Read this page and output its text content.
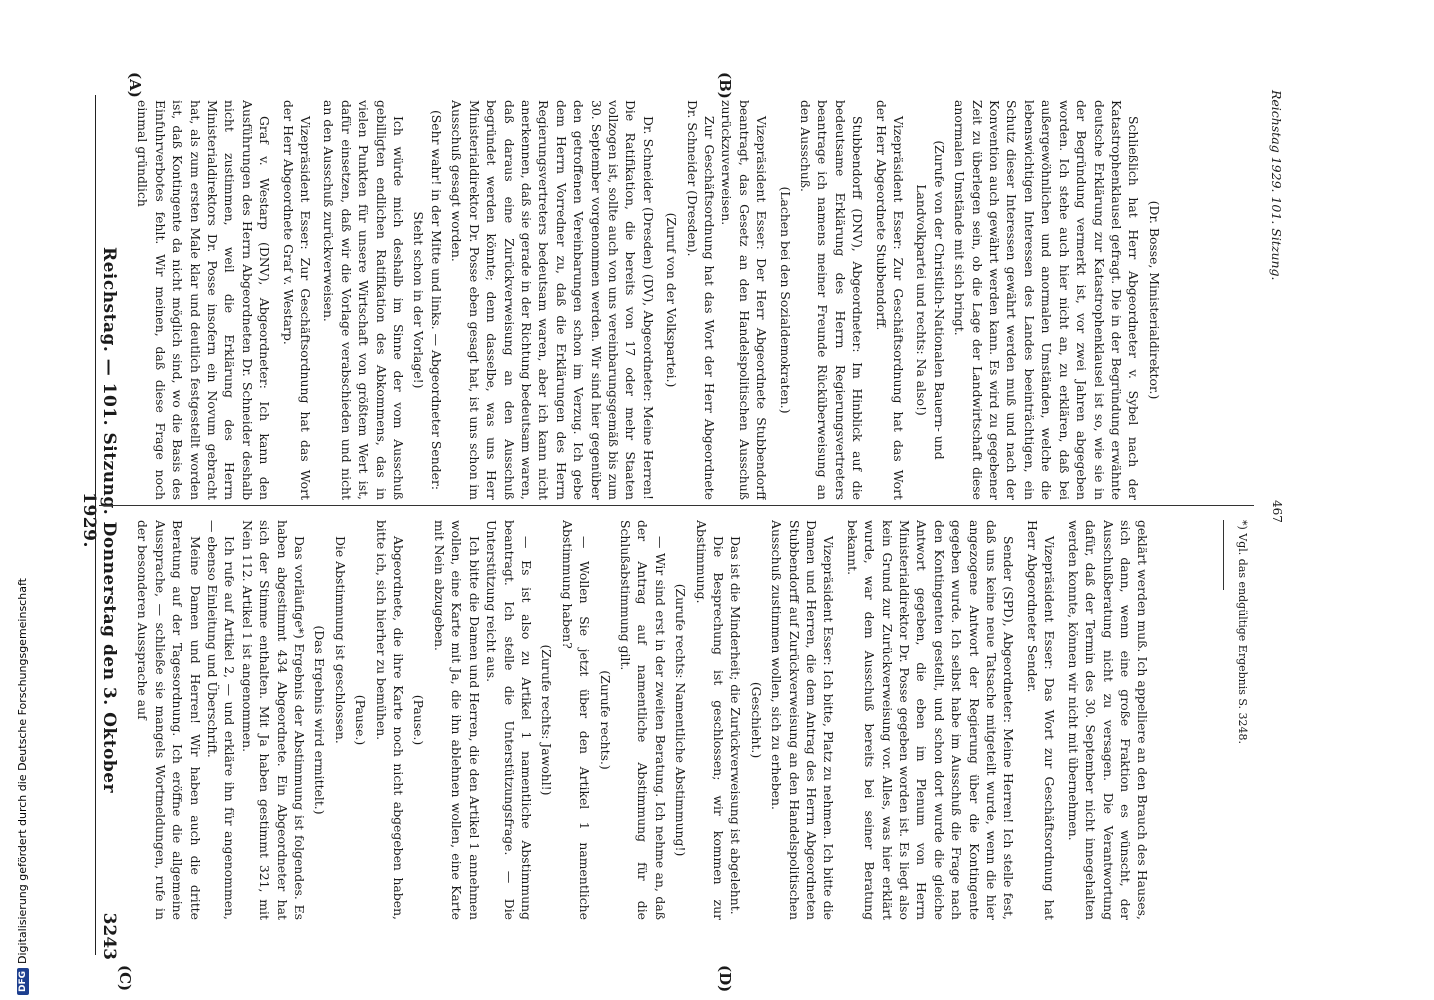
DFG
Digitalisierung gefördert durch die Deutsche Forschungsgemeinschaft	Reichstag. — 101. Sitzung. Donnerstag den 3. Oktober 1929.
3243
(A)	(B)
(C)	(D)

(Dr. Bosse, Ministerialdirektor.)

Schließlich hat Herr Abgeordneter v. Sybel nach der Katastrophenklausel gefragt. Die in der Begründung erwähnte deutsche Erklärung zur Katastrophenklausel ist so, wie sie in der Begründung vermerkt ist, vor zwei Jahren abgegeben worden. Ich stehe auch hier nicht an, zu erklären, daß bei außergewöhnlichen und anormalen Umständen, welche die lebenswichtigen Interessen des Landes beeinträchtigen, ein Schutz dieser Interessen gewährt werden muß und nach der Konvention auch gewährt werden kann. Es wird zu gegebener Zeit zu überlegen sein, ob die Lage der Landwirtschaft diese anormalen Umstände mit sich bringt.

(Zurufe von der Christlich-Nationalen Bauern- und Landvolkpartei und rechts: Na also!)

Vizepräsident Esser: Zur Geschäftsordnung hat das Wort der Herr Abgeordnete Stubbendorff.

Stubbendorff (DNV), Abgeordneter: Im Hinblick auf die bedeutsame Erklärung des Herrn Regierungsvertreters beantrage ich namens meiner Freunde Rücküberweisung an den Ausschuß.

(Lachen bei den Sozialdemokraten.)

Vizepräsident Esser: Der Herr Abgeordnete Stubbendorff beantragt, das Gesetz an den Handelspolitischen Ausschuß zurückzuverweisen.

Zur Geschäftsordnung hat das Wort der Herr Abgeordnete Dr. Schneider (Dresden).

(Zuruf von der Volkspartei.)

Dr. Schneider (Dresden) (DV), Abgeordneter: Meine Herren! Die Ratifikation, die bereits von 17 oder mehr Staaten vollzogen ist, sollte auch von uns vereinbarungsgemäß bis zum 30. September vorgenommen werden. Wir sind hier gegenüber den getroffenen Vereinbarungen schon im Verzug. Ich gebe dem Herrn Vorredner zu, daß die Erklärungen des Herrn Regierungsvertreters bedeutsam waren, aber ich kann nicht anerkennen, daß sie gerade in der Richtung bedeutsam waren, daß daraus eine Zurückverweisung an den Ausschuß begründet werden könnte; denn dasselbe, was uns Herr Ministerialdirektor Dr. Posse eben gesagt hat, ist uns schon im Ausschuß gesagt worden.

(Sehr wahr! in der Mitte und links. — Abgeordneter Sender: Steht schon in der Vorlage!)

Ich würde mich deshalb im Sinne der vom Ausschuß gebilligten endlichen Ratifikation des Abkommens, das in vielen Punkten für unsere Wirtschaft von größtem Wert ist, dafür einsetzen, daß wir die Vorlage verabschieden und nicht an den Ausschuß zurückverweisen.

Vizepräsident Esser: Zur Geschäftsordnung hat das Wort der Herr Abgeordnete Graf v. Westarp.

Graf v. Westarp (DNV), Abgeordneter: Ich kann den Ausführungen des Herrn Abgeordneten Dr. Schneider deshalb nicht zustimmen, weil die Erklärung des Herrn Ministerialdirektors Dr. Posse insofern ein Novum gebracht hat, als zum ersten Male klar und deutlich festgestellt worden ist, daß Kontingente da nicht möglich sind, wo die Basis des Einfuhrverbotes fehlt. Wir meinen, daß diese Frage noch einmal gründlich

geklärt werden muß. Ich appelliere an den Brauch des Hauses, sich dann, wenn eine große Fraktion es wünscht, der Ausschußberatung nicht zu versagen. Die Verantwortung dafür, daß der Termin des 30. September nicht innegehalten werden konnte, können wir nicht mit übernehmen.

Vizepräsident Esser: Das Wort zur Geschäftsordnung hat Herr Abgeordneter Sender.

Sender (SPD), Abgeordneter: Meine Herren! Ich stelle fest, daß uns keine neue Tatsache mitgeteilt wurde, wenn die hier angezogene Antwort der Regierung über die Kontingente gegeben wurde. Ich selbst habe im Ausschuß die Frage nach den Kontingenten gestellt, und schon dort wurde die gleiche Antwort gegeben, die eben im Plenum von Herrn Ministerialdirektor Dr. Posse gegeben worden ist. Es liegt also kein Grund zur Zurückverweisung vor. Alles, was hier erklärt wurde, war dem Ausschuß bereits bei seiner Beratung bekannt.

Vizepräsident Esser: Ich bitte, Platz zu nehmen. Ich bitte die Damen und Herren, die dem Antrag des Herrn Abgeordneten Stubbendorff auf Zurückverweisung an den Handelspolitischen Ausschuß zustimmen wollen, sich zu erheben.

(Geschieht.)

Das ist die Minderheit; die Zurückverweisung ist abgelehnt.

Die Besprechung ist geschlossen; wir kommen zur Abstimmung.

(Zurufe rechts: Namentliche Abstimmung!)

— Wir sind erst in der zweiten Beratung. Ich nehme an, daß der Antrag auf namentliche Abstimmung für die Schlußabstimmung gilt.

(Zurufe rechts.)

— Wollen Sie jetzt über den Artikel 1 namentliche Abstimmung haben?

(Zurufe rechts: Jawohl!)

— Es ist also zu Artikel 1 namentliche Abstimmung beantragt. Ich stelle die Unterstützungsfrage. — Die Unterstützung reicht aus.

Ich bitte die Damen und Herren, die den Artikel 1 annehmen wollen, eine Karte mit Ja, die ihn ablehnen wollen, eine Karte mit Nein abzugeben.

(Pause.)

Abgeordnete, die ihre Karte noch nicht abgegeben haben, bitte ich, sich hierher zu bemühen.

(Pause.)

Die Abstimmung ist geschlossen.

(Das Ergebnis wird ermittelt.)

Das vorläufige*) Ergebnis der Abstimmung ist folgendes. Es haben abgestimmt 434 Abgeordnete. Ein Abgeordneter hat sich der Stimme enthalten. Mit Ja haben gestimmt 321, mit Nein 112. Artikel 1 ist angenommen.

Ich rufe auf Artikel 2, — und erkläre ihn für angenommen, — ebenso Einleitung und Überschrift.

Meine Damen und Herren! Wir haben auch die dritte Beratung auf der Tagesordnung. Ich eröffne die allgemeine Aussprache, — schließe sie mangels Wortmeldungen, rufe in der besonderen Aussprache auf	*) Vgl. das endgültige Ergebnis S. 3248.
Reichstag 1929. 101. Sitzung.
467
